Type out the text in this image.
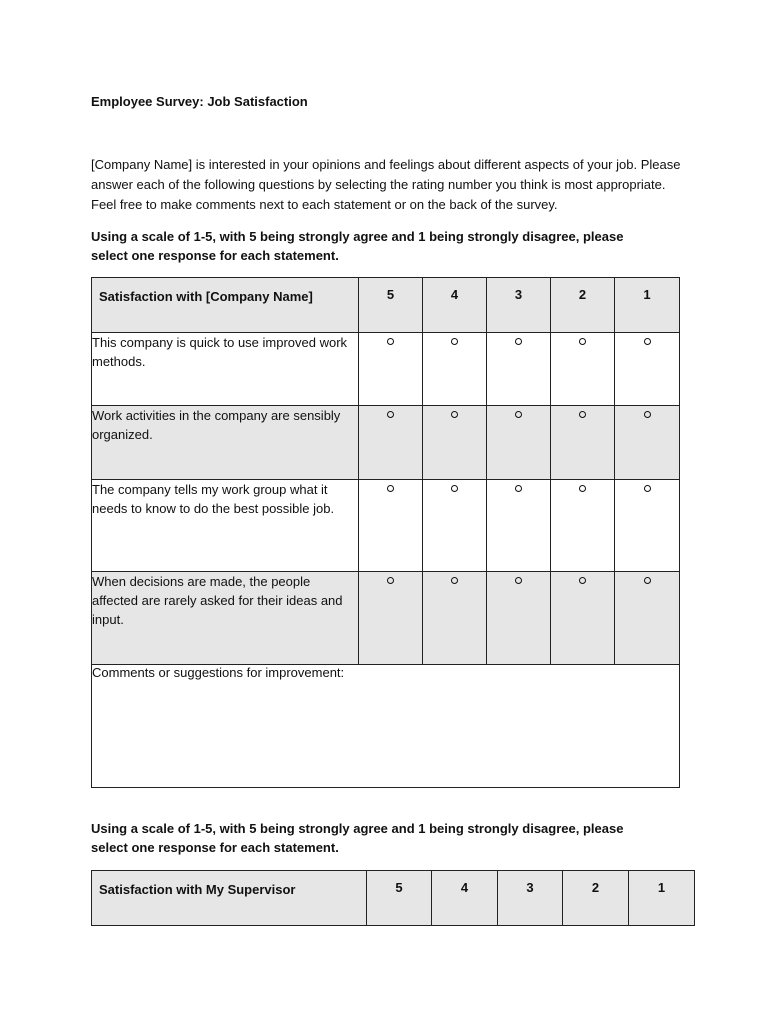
Employee Survey: Job Satisfaction
[Company Name] is interested in your opinions and feelings about different aspects of your job. Please answer each of the following questions by selecting the rating number you think is most appropriate. Feel free to make comments next to each statement or on the back of the survey.
Using a scale of 1-5, with 5 being strongly agree and 1 being strongly disagree, please
select one response for each statement.
Satisfaction with [Company Name]	5	4	3	2	1
This company is quick to use improved work methods.					
Work activities in the company are sensibly organized.					
The company tells my work group what it needs to know to do the best possible job.					
When decisions are made, the people affected are rarely asked for their ideas and input.					
Comments or suggestions for improvement:					
Using a scale of 1-5, with 5 being strongly agree and 1 being strongly disagree, please
select one response for each statement.
Satisfaction with My Supervisor	5	4	3	2	1
